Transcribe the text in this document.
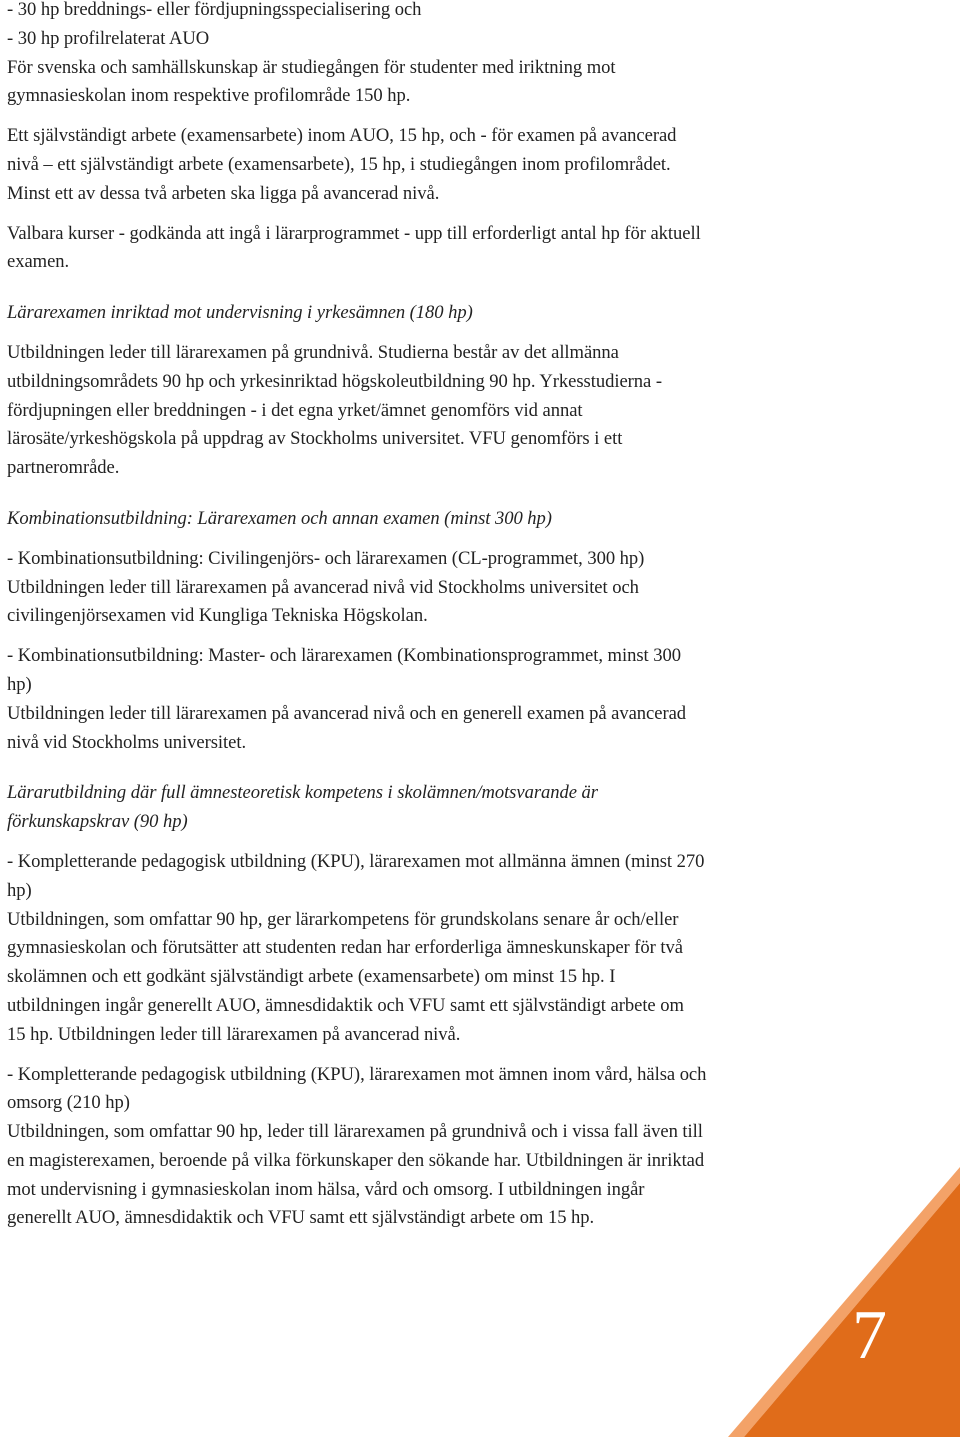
- 30 hp breddnings- eller fördjupningsspecialisering och
- 30 hp profilrelaterat AUO
För svenska och samhällskunskap är studiegången för studenter med iriktning mot
gymnasieskolan inom respektive profilområde 150 hp.

Ett självständigt arbete (examensarbete) inom AUO, 15 hp, och - för examen på avancerad
nivå – ett självständigt arbete (examensarbete), 15 hp, i studiegången inom profilområdet.
Minst ett av dessa två arbeten ska ligga på avancerad nivå.

Valbara kurser - godkända att ingå i lärarprogrammet - upp till erforderligt antal hp för aktuell
examen.

Lärarexamen inriktad mot undervisning i yrkesämnen (180 hp)

Utbildningen leder till lärarexamen på grundnivå. Studierna består av det allmänna
utbildningsområdets 90 hp och yrkesinriktad högskoleutbildning 90 hp. Yrkesstudierna -
fördjupningen eller breddningen - i det egna yrket/ämnet genomförs vid annat
lärosäte/yrkeshögskola på uppdrag av Stockholms universitet. VFU genomförs i ett
partnerområde.

Kombinationsutbildning: Lärarexamen och annan examen (minst 300 hp)

- Kombinationsutbildning: Civilingenjörs- och lärarexamen (CL-programmet, 300 hp)
Utbildningen leder till lärarexamen på avancerad nivå vid Stockholms universitet och
civilingenjörsexamen vid Kungliga Tekniska Högskolan.

- Kombinationsutbildning: Master- och lärarexamen (Kombinationsprogrammet, minst 300
hp)
Utbildningen leder till lärarexamen på avancerad nivå och en generell examen på avancerad
nivå vid Stockholms universitet.

Lärarutbildning där full ämnesteoretisk kompetens i skolämnen/motsvarande är
förkunskapskrav (90 hp)

- Kompletterande pedagogisk utbildning (KPU), lärarexamen mot allmänna ämnen (minst 270
hp)
Utbildningen, som omfattar 90 hp, ger lärarkompetens för grundskolans senare år och/eller
gymnasieskolan och förutsätter att studenten redan har erforderliga ämneskunskaper för två
skolämnen och ett godkänt självständigt arbete (examensarbete) om minst 15 hp. I
utbildningen ingår generellt AUO, ämnesdidaktik och VFU samt ett självständigt arbete om
15 hp. Utbildningen leder till lärarexamen på avancerad nivå.

- Kompletterande pedagogisk utbildning (KPU), lärarexamen mot ämnen inom vård, hälsa och
omsorg (210 hp)
Utbildningen, som omfattar 90 hp, leder till lärarexamen på grundnivå och i vissa fall även till
en magisterexamen, beroende på vilka förkunskaper den sökande har. Utbildningen är inriktad
mot undervisning i gymnasieskolan inom hälsa, vård och omsorg. I utbildningen ingår
generellt AUO, ämnesdidaktik och VFU samt ett självständigt arbete om 15 hp.

7
